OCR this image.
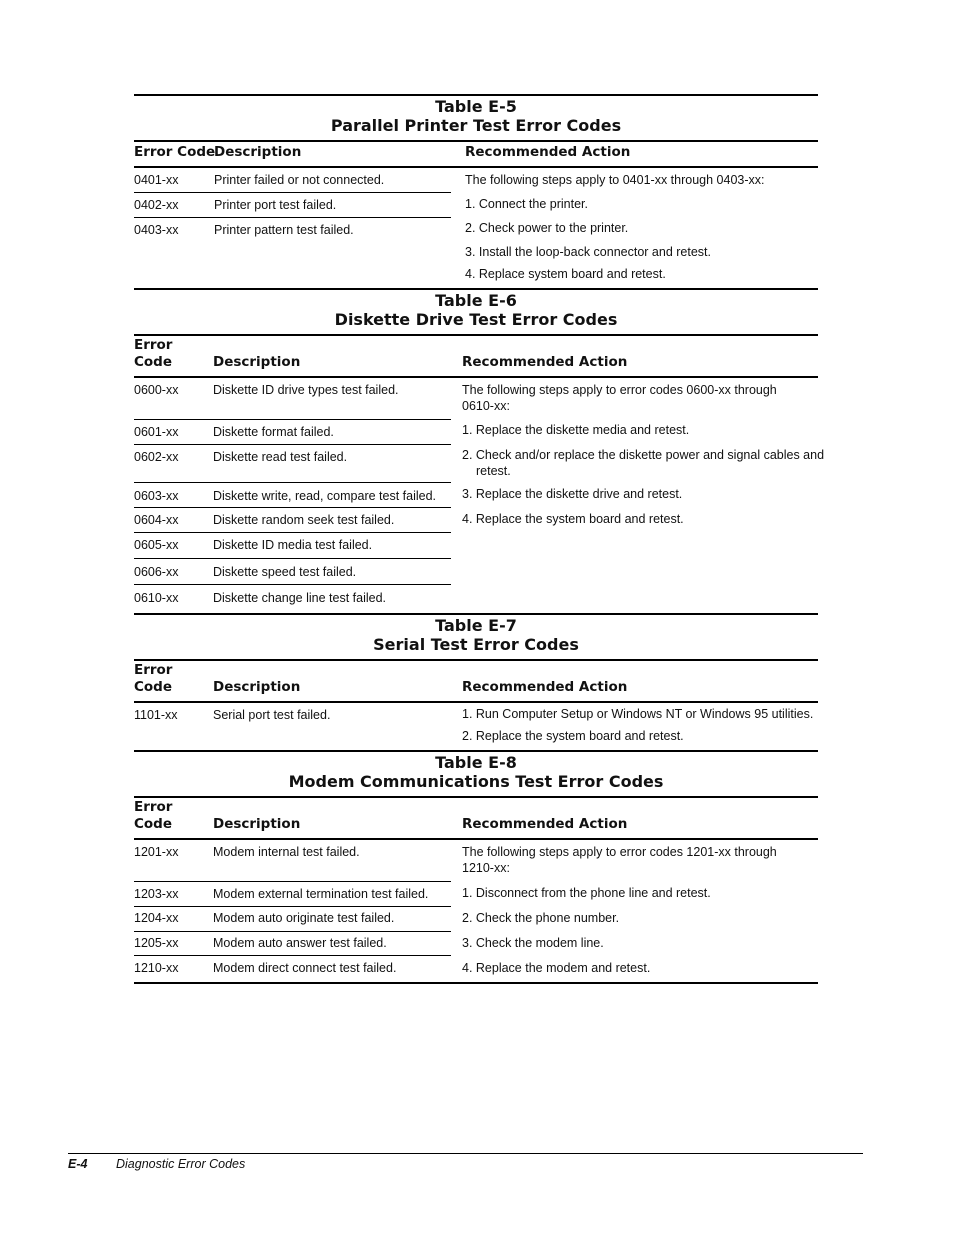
Table E-5
Parallel Printer Test Error Codes
Error Code
Description	Recommended Action
0401-xx	Printer failed or not connected.
0402-xx	Printer port test failed.
0403-xx	Printer pattern test failed.
The following steps apply to 0401-xx through 0403-xx:
1. Connect the printer.
2. Check power to the printer.
3. Install the loop-back connector and retest.
4. Replace system board and retest.
Table E-6
Diskette Drive Test Error Codes
Error
Code	Description	Recommended Action
0600-xx	Diskette ID drive types test failed.
0601-xx	Diskette format failed.
0602-xx	Diskette read test failed.
0603-xx	Diskette write, read, compare test failed.
0604-xx	Diskette random seek test failed.
0605-xx	Diskette ID media test failed.
0606-xx	Diskette speed test failed.
0610-xx	Diskette change line test failed.
The following steps apply to error codes 0600-xx through 0610-xx:
1. Replace the diskette media and retest.
2. Check and/or replace the diskette power and signal cables and retest.
3. Replace the diskette drive and retest.
4. Replace the system board and retest.
Table E-7
Serial Test Error Codes
Error
Code	Description	Recommended Action
1101-xx	Serial port test failed.	1. Run Computer Setup or Windows NT or Windows 95 utilities.
2. Replace the system board and retest.
Table E-8
Modem Communications Test Error Codes
Error
Code	Description	Recommended Action
1201-xx	Modem internal test failed.
1203-xx	Modem external termination test failed.
1204-xx	Modem auto originate test failed.
1205-xx	Modem auto answer test failed.
1210-xx	Modem direct connect test failed.
The following steps apply to error codes 1201-xx through 1210-xx:
1. Disconnect from the phone line and retest.
2. Check the phone number.
3. Check the modem line.
4. Replace the modem and retest.
E-4 Diagnostic Error Codes
